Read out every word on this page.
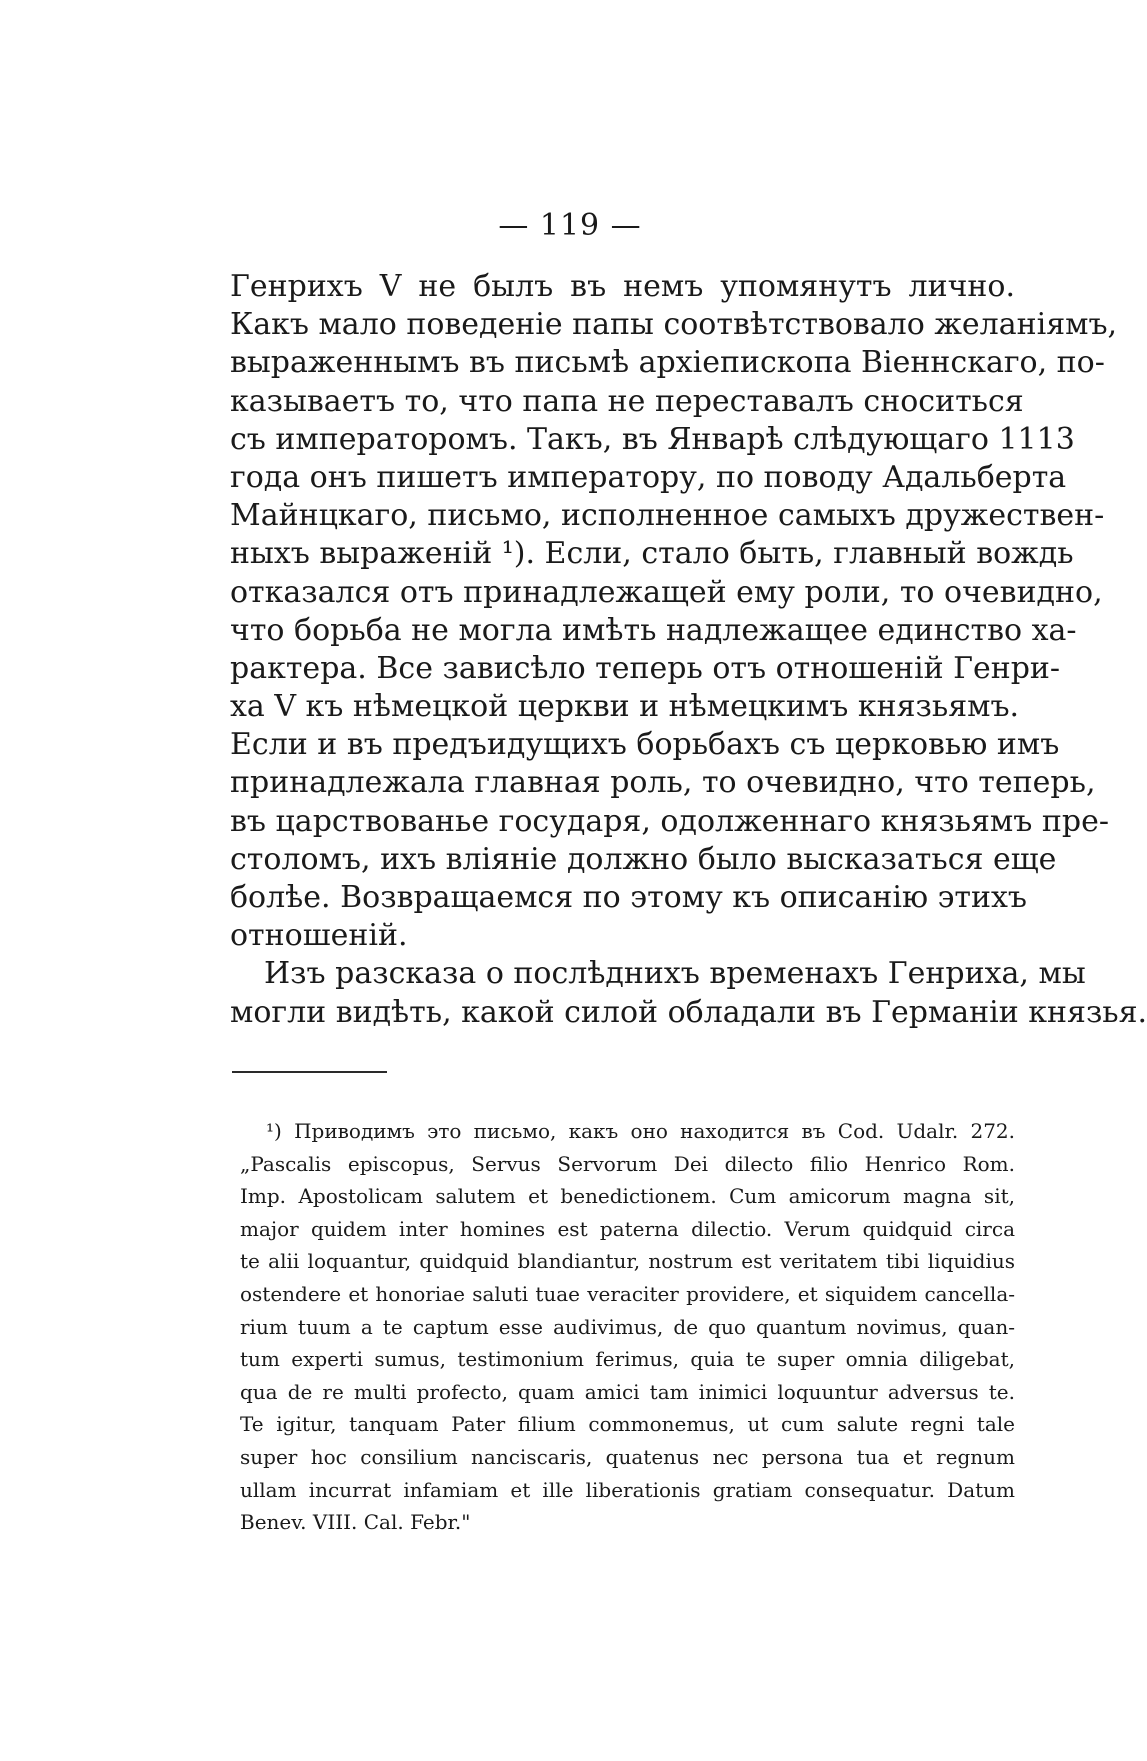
— 119 —
Генрихъ V не былъ въ немъ упомянутъ лично.
Какъ мало поведеніе папы соотвѣтствовало желаніямъ,
выраженнымъ въ письмѣ архіепископа Віеннскаго, по-
казываетъ то, что папа не переставалъ сноситься
съ императоромъ. Такъ, въ Январѣ слѣдующаго 1113
года онъ пишетъ императору, по поводу Адальберта
Майнцкаго, письмо, исполненное самыхъ дружествен-
ныхъ выраженій ¹). Если, стало быть, главный вождь
отказался отъ принадлежащей ему роли, то очевидно,
что борьба не могла имѣть надлежащее единство ха-
рактера. Все зависѣло теперь отъ отношеній Генри-
ха V къ нѣмецкой церкви и нѣмецкимъ князьямъ.
Если и въ предъидущихъ борьбахъ съ церковью имъ
принадлежала главная роль, то очевидно, что теперь,
въ царствованье государя, одолженнаго князьямъ пре-
столомъ, ихъ вліяніе должно было высказаться еще
болѣе. Возвращаемся по этому къ описанію этихъ
отношеній.
Изъ разсказа о послѣднихъ временахъ Генриха, мы
могли видѣть, какой силой обладали въ Германіи князья.
¹) Приводимъ это письмо, какъ оно находится въ Cod. Udalr. 272.
„Pascalis episcopus, Servus Servorum Dei dilecto filio Henrico Rom.
Imp. Apostolicam salutem et benedictionem. Cum amicorum magna sit,
major quidem inter homines est paterna dilectio. Verum quidquid circa
te alii loquantur, quidquid blandiantur, nostrum est veritatem tibi liquidius
ostendere et honoriae saluti tuae veraciter providere, et siquidem cancella-
rium tuum a te captum esse audivimus, de quo quantum novimus, quan-
tum experti sumus, testimonium ferimus, quia te super omnia diligebat,
qua de re multi profecto, quam amici tam inimici loquuntur adversus te.
Te igitur, tanquam Pater filium commonemus, ut cum salute regni tale
super hoc consilium nanciscaris, quatenus nec persona tua et regnum
ullam incurrat infamiam et ille liberationis gratiam consequatur. Datum
Benev. VIII. Cal. Febr."
